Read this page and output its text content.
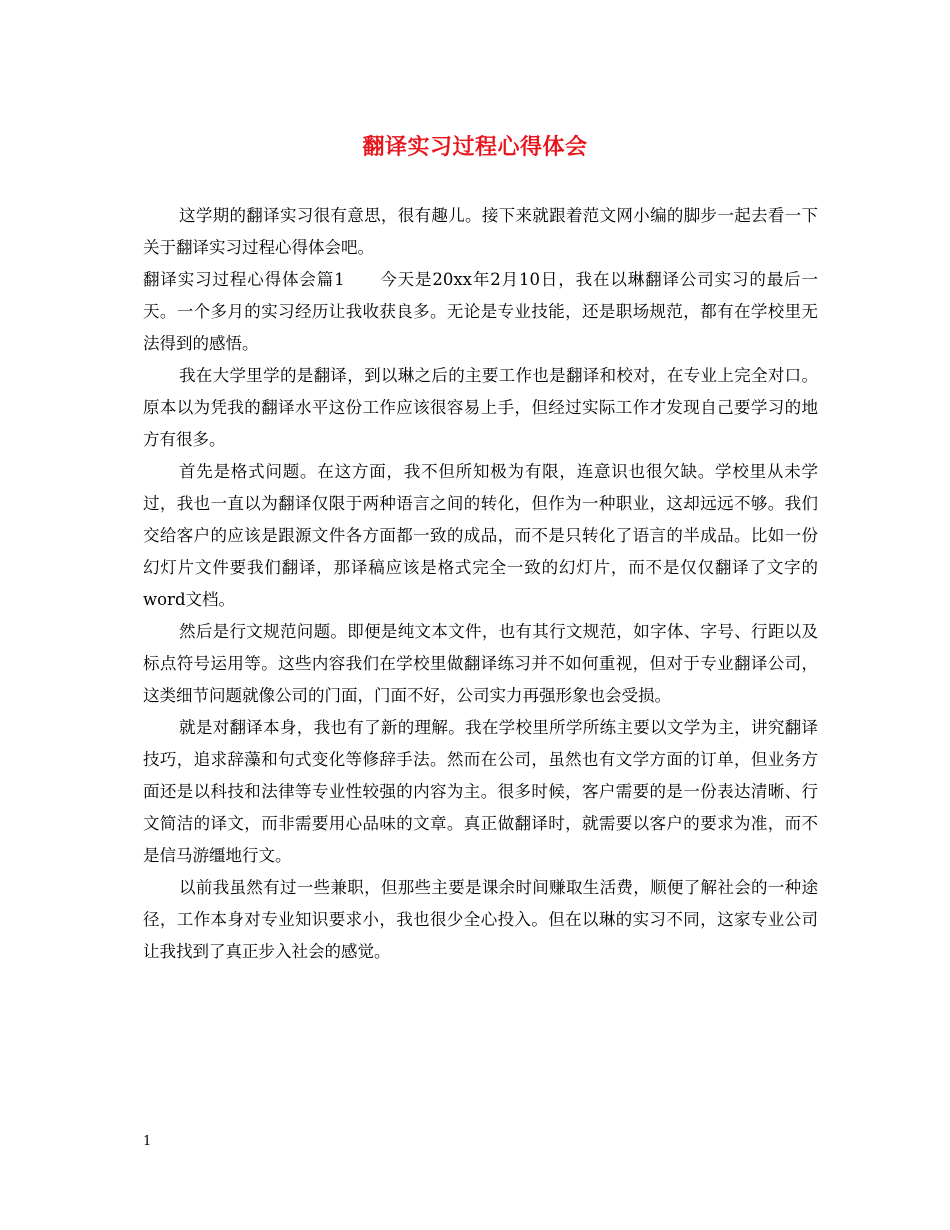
翻译实习过程心得体会

这学期的翻译实习很有意思，很有趣儿。接下来就跟着范文网小编的脚步一起去看一下关于翻译实习过程心得体会吧。

翻译实习过程心得体会篇1　　今天是20xx年2月10日，我在以琳翻译公司实习的最后一天。一个多月的实习经历让我收获良多。无论是专业技能，还是职场规范，都有在学校里无法得到的感悟。

我在大学里学的是翻译，到以琳之后的主要工作也是翻译和校对，在专业上完全对口。原本以为凭我的翻译水平这份工作应该很容易上手，但经过实际工作才发现自己要学习的地方有很多。

首先是格式问题。在这方面，我不但所知极为有限，连意识也很欠缺。学校里从未学过，我也一直以为翻译仅限于两种语言之间的转化，但作为一种职业，这却远远不够。我们交给客户的应该是跟源文件各方面都一致的成品，而不是只转化了语言的半成品。比如一份幻灯片文件要我们翻译，那译稿应该是格式完全一致的幻灯片，而不是仅仅翻译了文字的word文档。

然后是行文规范问题。即便是纯文本文件，也有其行文规范，如字体、字号、行距以及标点符号运用等。这些内容我们在学校里做翻译练习并不如何重视，但对于专业翻译公司，这类细节问题就像公司的门面，门面不好，公司实力再强形象也会受损。

就是对翻译本身，我也有了新的理解。我在学校里所学所练主要以文学为主，讲究翻译技巧，追求辞藻和句式变化等修辞手法。然而在公司，虽然也有文学方面的订单，但业务方面还是以科技和法律等专业性较强的内容为主。很多时候，客户需要的是一份表达清晰、行文简洁的译文，而非需要用心品味的文章。真正做翻译时，就需要以客户的要求为准，而不是信马游缰地行文。

以前我虽然有过一些兼职，但那些主要是课余时间赚取生活费，顺便了解社会的一种途径，工作本身对专业知识要求小，我也很少全心投入。但在以琳的实习不同，这家专业公司让我找到了真正步入社会的感觉。

1
